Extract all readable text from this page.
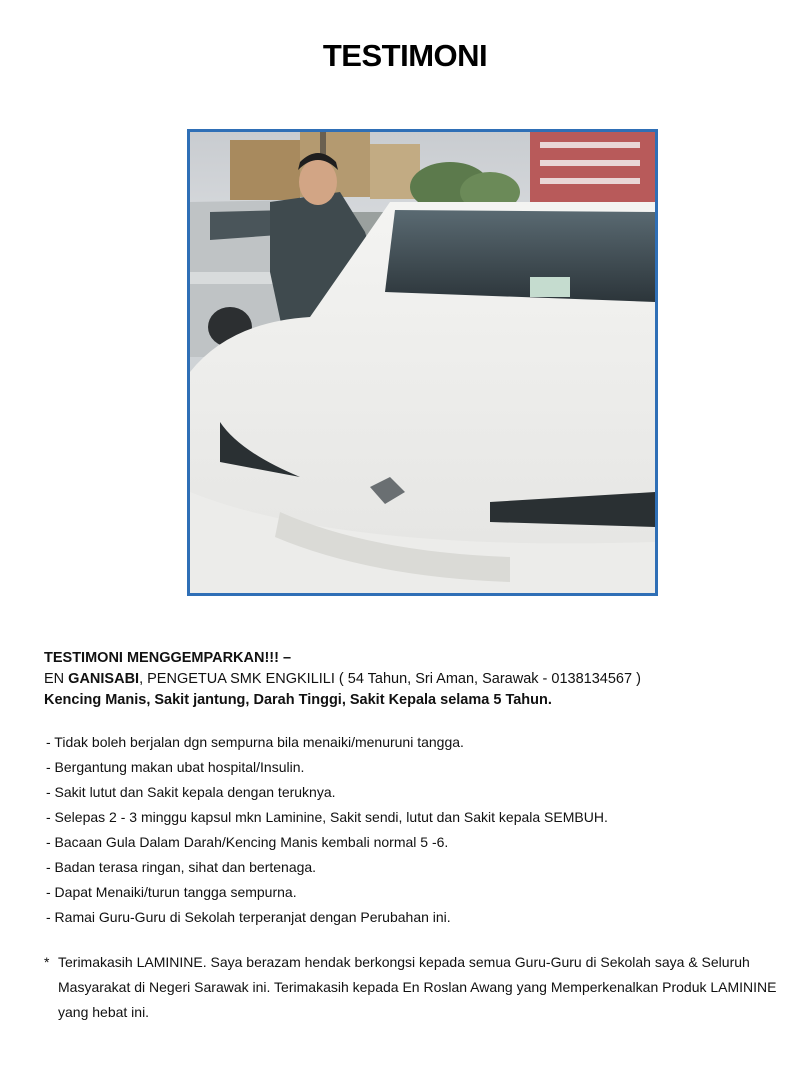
TESTIMONI
TESTIMONI MENGGEMPARKAN!!! –
EN GANISABI, PENGETUA SMK ENGKILILI ( 54 Tahun, Sri Aman, Sarawak - 0138134567 )
Kencing Manis, Sakit jantung, Darah Tinggi, Sakit Kepala selama 5 Tahun.
- Tidak boleh berjalan dgn sempurna bila menaiki/menuruni tangga.
- Bergantung makan ubat hospital/Insulin.
- Sakit lutut dan Sakit kepala dengan teruknya.
- Selepas 2 - 3 minggu kapsul mkn Laminine, Sakit sendi, lutut dan Sakit kepala SEMBUH.
- Bacaan Gula Dalam Darah/Kencing Manis kembali normal 5 -6.
- Badan terasa ringan, sihat dan bertenaga.
- Dapat Menaiki/turun tangga sempurna.
- Ramai Guru-Guru di Sekolah terperanjat dengan Perubahan ini.
* Terimakasih LAMININE. Saya berazam hendak berkongsi kepada semua Guru-Guru di Sekolah saya & Seluruh Masyarakat di Negeri Sarawak ini. Terimakasih kepada En Roslan Awang yang Memperkenalkan Produk LAMININE yang hebat ini.
